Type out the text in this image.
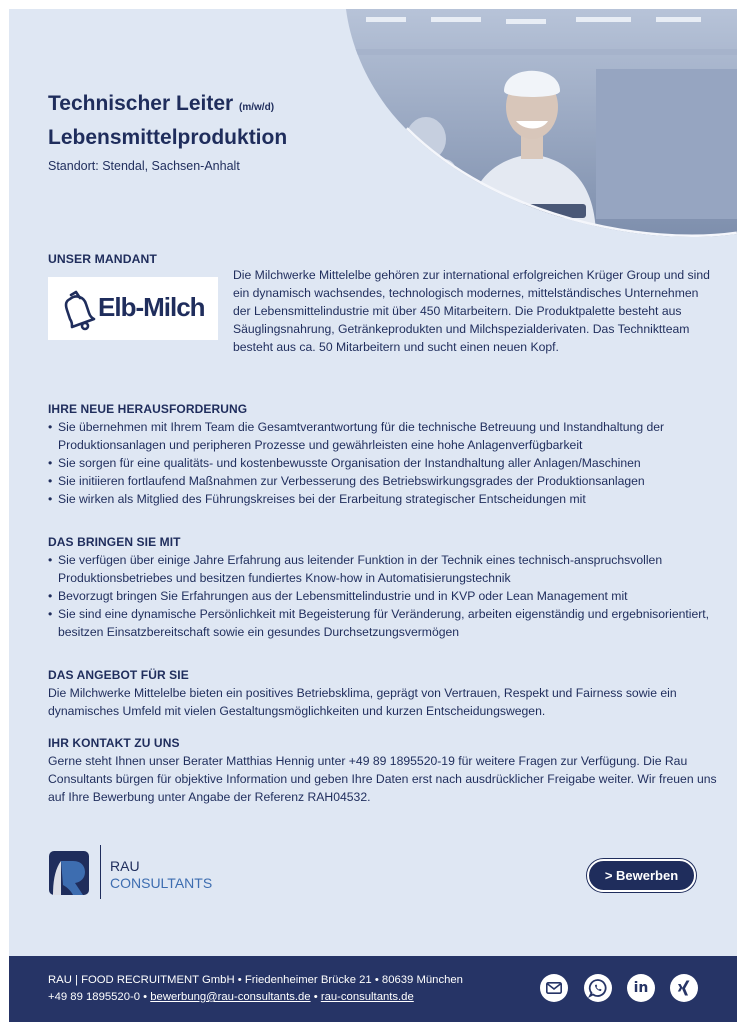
Technischer Leiter (m/w/d)
Lebensmittelproduktion
Standort: Stendal, Sachsen-Anhalt
UNSER MANDANT
Elb-Milch

Die Milchwerke Mittelelbe gehören zur international erfolgreichen Krüger Group und sind ein dynamisch wachsendes, technologisch modernes, mittelständisches Unternehmen der Lebensmittelindustrie mit über 450 Mitarbeitern. Die Produktpalette besteht aus Säuglingsnahrung, Getränkeprodukten und Milchspezialderivaten. Das Techniktteam besteht aus ca. 50 Mitarbeitern und sucht einen neuen Kopf.

IHRE NEUE HERAUSFORDERUNG
• Sie übernehmen mit Ihrem Team die Gesamtverantwortung für die technische Betreuung und Instandhaltung der Produktionsanlagen und peripheren Prozesse und gewährleisten eine hohe Anlagenverfügbarkeit
• Sie sorgen für eine qualitäts- und kostenbewusste Organisation der Instandhaltung aller Anlagen/Maschinen
• Sie initiieren fortlaufend Maßnahmen zur Verbesserung des Betriebswirkungsgrades der Produktionsanlagen
• Sie wirken als Mitglied des Führungskreises bei der Erarbeitung strategischer Entscheidungen mit
DAS BRINGEN SIE MIT
• Sie verfügen über einige Jahre Erfahrung aus leitender Funktion in der Technik eines technisch-anspruchsvollen Produktionsbetriebes und besitzen fundiertes Know-how in Automatisierungstechnik
• Bevorzugt bringen Sie Erfahrungen aus der Lebensmittelindustrie und in KVP oder Lean Management mit
• Sie sind eine dynamische Persönlichkeit mit Begeisterung für Veränderung, arbeiten eigenständig und ergebnisorientiert, besitzen Einsatzbereitschaft sowie ein gesundes Durchsetzungsvermögen
DAS ANGEBOT FÜR SIE

Die Milchwerke Mittelelbe bieten ein positives Betriebsklima, geprägt von Vertrauen, Respekt und Fairness sowie ein dynamisches Umfeld mit vielen Gestaltungsmöglichkeiten und kurzen Entscheidungswegen.

IHR KONTAKT ZU UNS

Gerne steht Ihnen unser Berater Matthias Hennig unter +49 89 1895520-19 für weitere Fragen zur Verfügung. Die Rau Consultants bürgen für objektive Information und geben Ihre Daten erst nach ausdrücklicher Freigabe weiter. Wir freuen uns auf Ihre Bewerbung unter Angabe der Referenz RAH04532.

RAU
CONSULTANTS	> Bewerben
RAU | FOOD RECRUITMENT GmbH • Friedenheimer Brücke 21 • 80639 München
+49 89 1895520-0 • bewerbung@rau-consultants.de • rau-consultants.de
in
